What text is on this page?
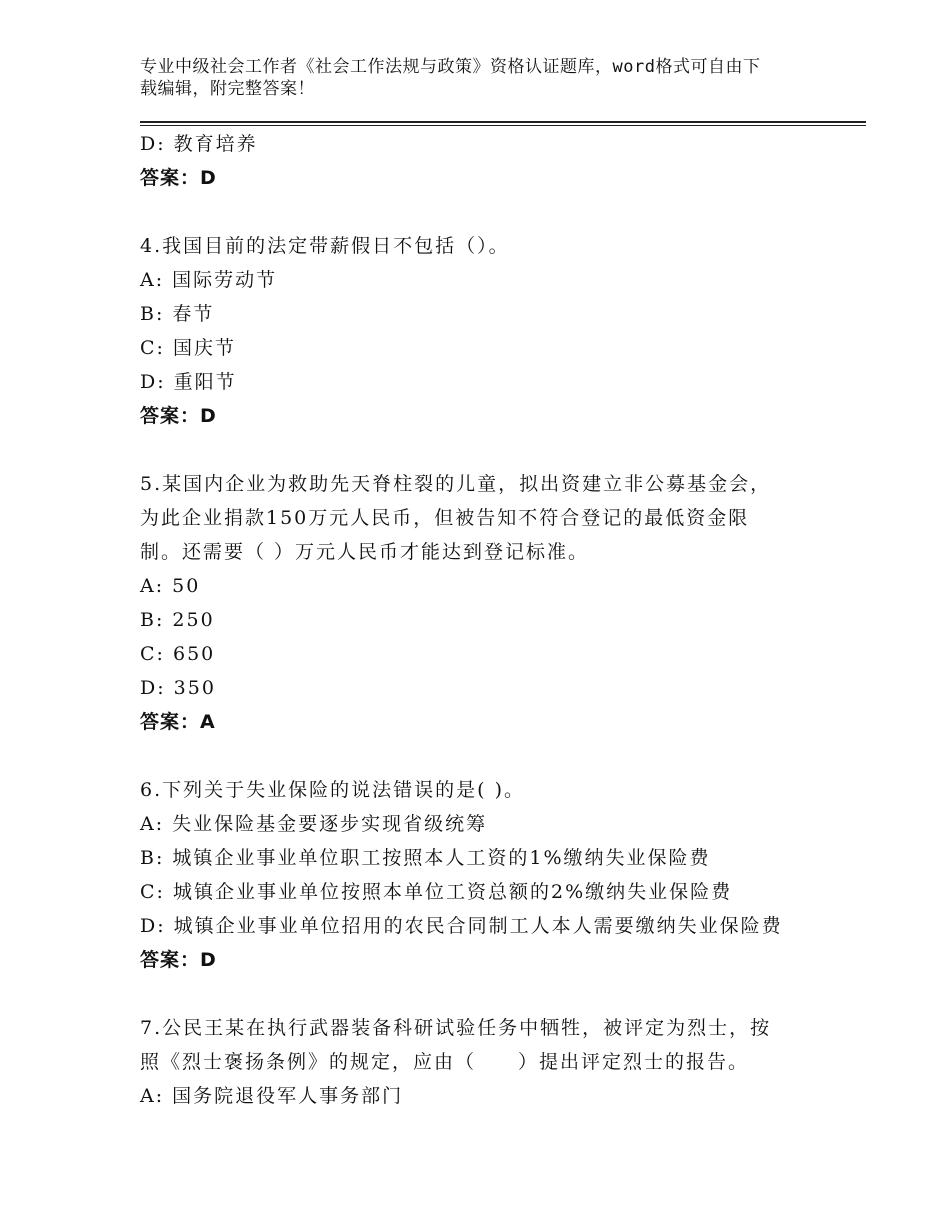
专业中级社会工作者《社会工作法规与政策》资格认证题库，word格式可自由下
载编辑，附完整答案！
D: 教育培养
答案：D
4.我国目前的法定带薪假日不包括（）。
A: 国际劳动节
B: 春节
C: 国庆节
D: 重阳节
答案：D
5.某国内企业为救助先天脊柱裂的儿童，拟出资建立非公募基金会，
为此企业捐款150万元人民币，但被告知不符合登记的最低资金限
制。还需要（ ）万元人民币才能达到登记标准。
A: 50
B: 250
C: 650
D: 350
答案：A
6.下列关于失业保险的说法错误的是( )。
A: 失业保险基金要逐步实现省级统筹
B: 城镇企业事业单位职工按照本人工资的1%缴纳失业保险费
C: 城镇企业事业单位按照本单位工资总额的2%缴纳失业保险费
D: 城镇企业事业单位招用的农民合同制工人本人需要缴纳失业保险费
答案：D
7.公民王某在执行武器装备科研试验任务中牺牲，被评定为烈士，按
照《烈士褒扬条例》的规定，应由（　　）提出评定烈士的报告。
A: 国务院退役军人事务部门
